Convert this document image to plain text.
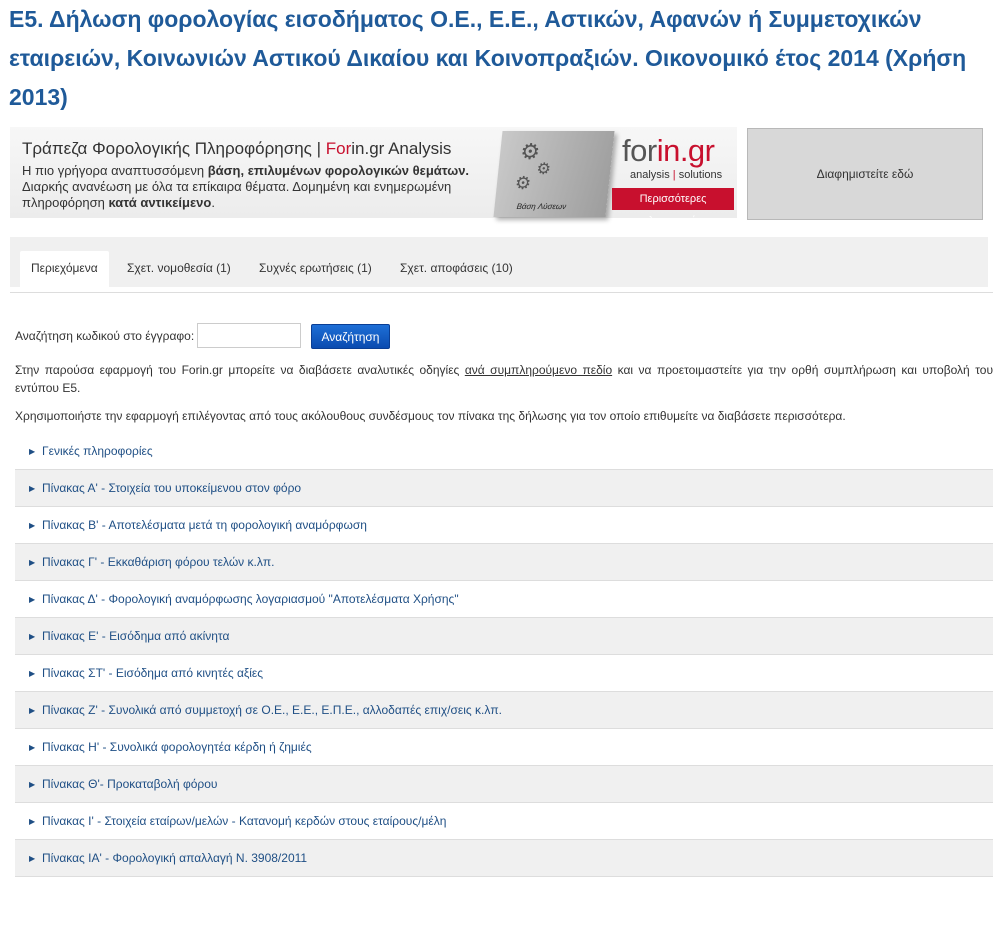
Ε5. Δήλωση φορολογίας εισοδήματος Ο.Ε., Ε.Ε., Αστικών, Αφανών ή Συμμετοχικών εταιρειών, Κοινωνιών Αστικού Δικαίου και Κοινοπραξιών. Οικονομικό έτος 2014 (Χρήση 2013)
Τράπεζα Φορολογικής Πληροφόρησης | Forin.gr Analysis
Η πιο γρήγορα αναπτυσσόμενη βάση, επιλυμένων φορολογικών θεμάτων.
Διαρκής ανανέωση με όλα τα επίκαιρα θέματα. Δομημένη και ενημερωμένη
πληροφόρηση κατά αντικείμενο.
⚙
⚙
⚙
Βάση Λύσεων
forin.gr
analysis | solutions
Περισσότερες πληροφορίες
Διαφημιστείτε εδώ
Περιεχόμενα	Σχετ. νομοθεσία (1)	Συχνές ερωτήσεις (1)	Σχετ. αποφάσεις (10)
Αναζήτηση κωδικού στο έγγραφο:	Αναζήτηση

Στην παρούσα εφαρμογή του Forin.gr μπορείτε να διαβάσετε αναλυτικές οδηγίες ανά συμπληρούμενο πεδίο και να προετοιμαστείτε για την ορθή συμπλήρωση και υποβολή του εντύπου Ε5.

Χρησιμοποιήστε την εφαρμογή επιλέγοντας από τους ακόλουθους συνδέσμους τον πίνακα της δήλωσης για τον οποίο επιθυμείτε να διαβάσετε περισσότερα.

▶ Γενικές πληροφορίες
▶ Πίνακας Α' - Στοιχεία του υποκείμενου στον φόρο
▶ Πίνακας Β' - Αποτελέσματα μετά τη φορολογική αναμόρφωση
▶ Πίνακας Γ' - Εκκαθάριση φόρου τελών κ.λπ.
▶ Πίνακας Δ' - Φορολογική αναμόρφωσης λογαριασμού "Αποτελέσματα Χρήσης"
▶ Πίνακας Ε' - Εισόδημα από ακίνητα
▶ Πίνακας ΣΤ' - Εισόδημα από κινητές αξίες
▶ Πίνακας Ζ' - Συνολικά από συμμετοχή σε Ο.Ε., Ε.Ε., Ε.Π.Ε., αλλοδαπές επιχ/σεις κ.λπ.
▶ Πίνακας Η' - Συνολικά φορολογητέα κέρδη ή ζημιές
▶ Πίνακας Θ'- Προκαταβολή φόρου
▶ Πίνακας Ι' - Στοιχεία εταίρων/μελών - Κατανομή κερδών στους εταίρους/μέλη
▶ Πίνακας ΙΑ' - Φορολογική απαλλαγή Ν. 3908/2011
